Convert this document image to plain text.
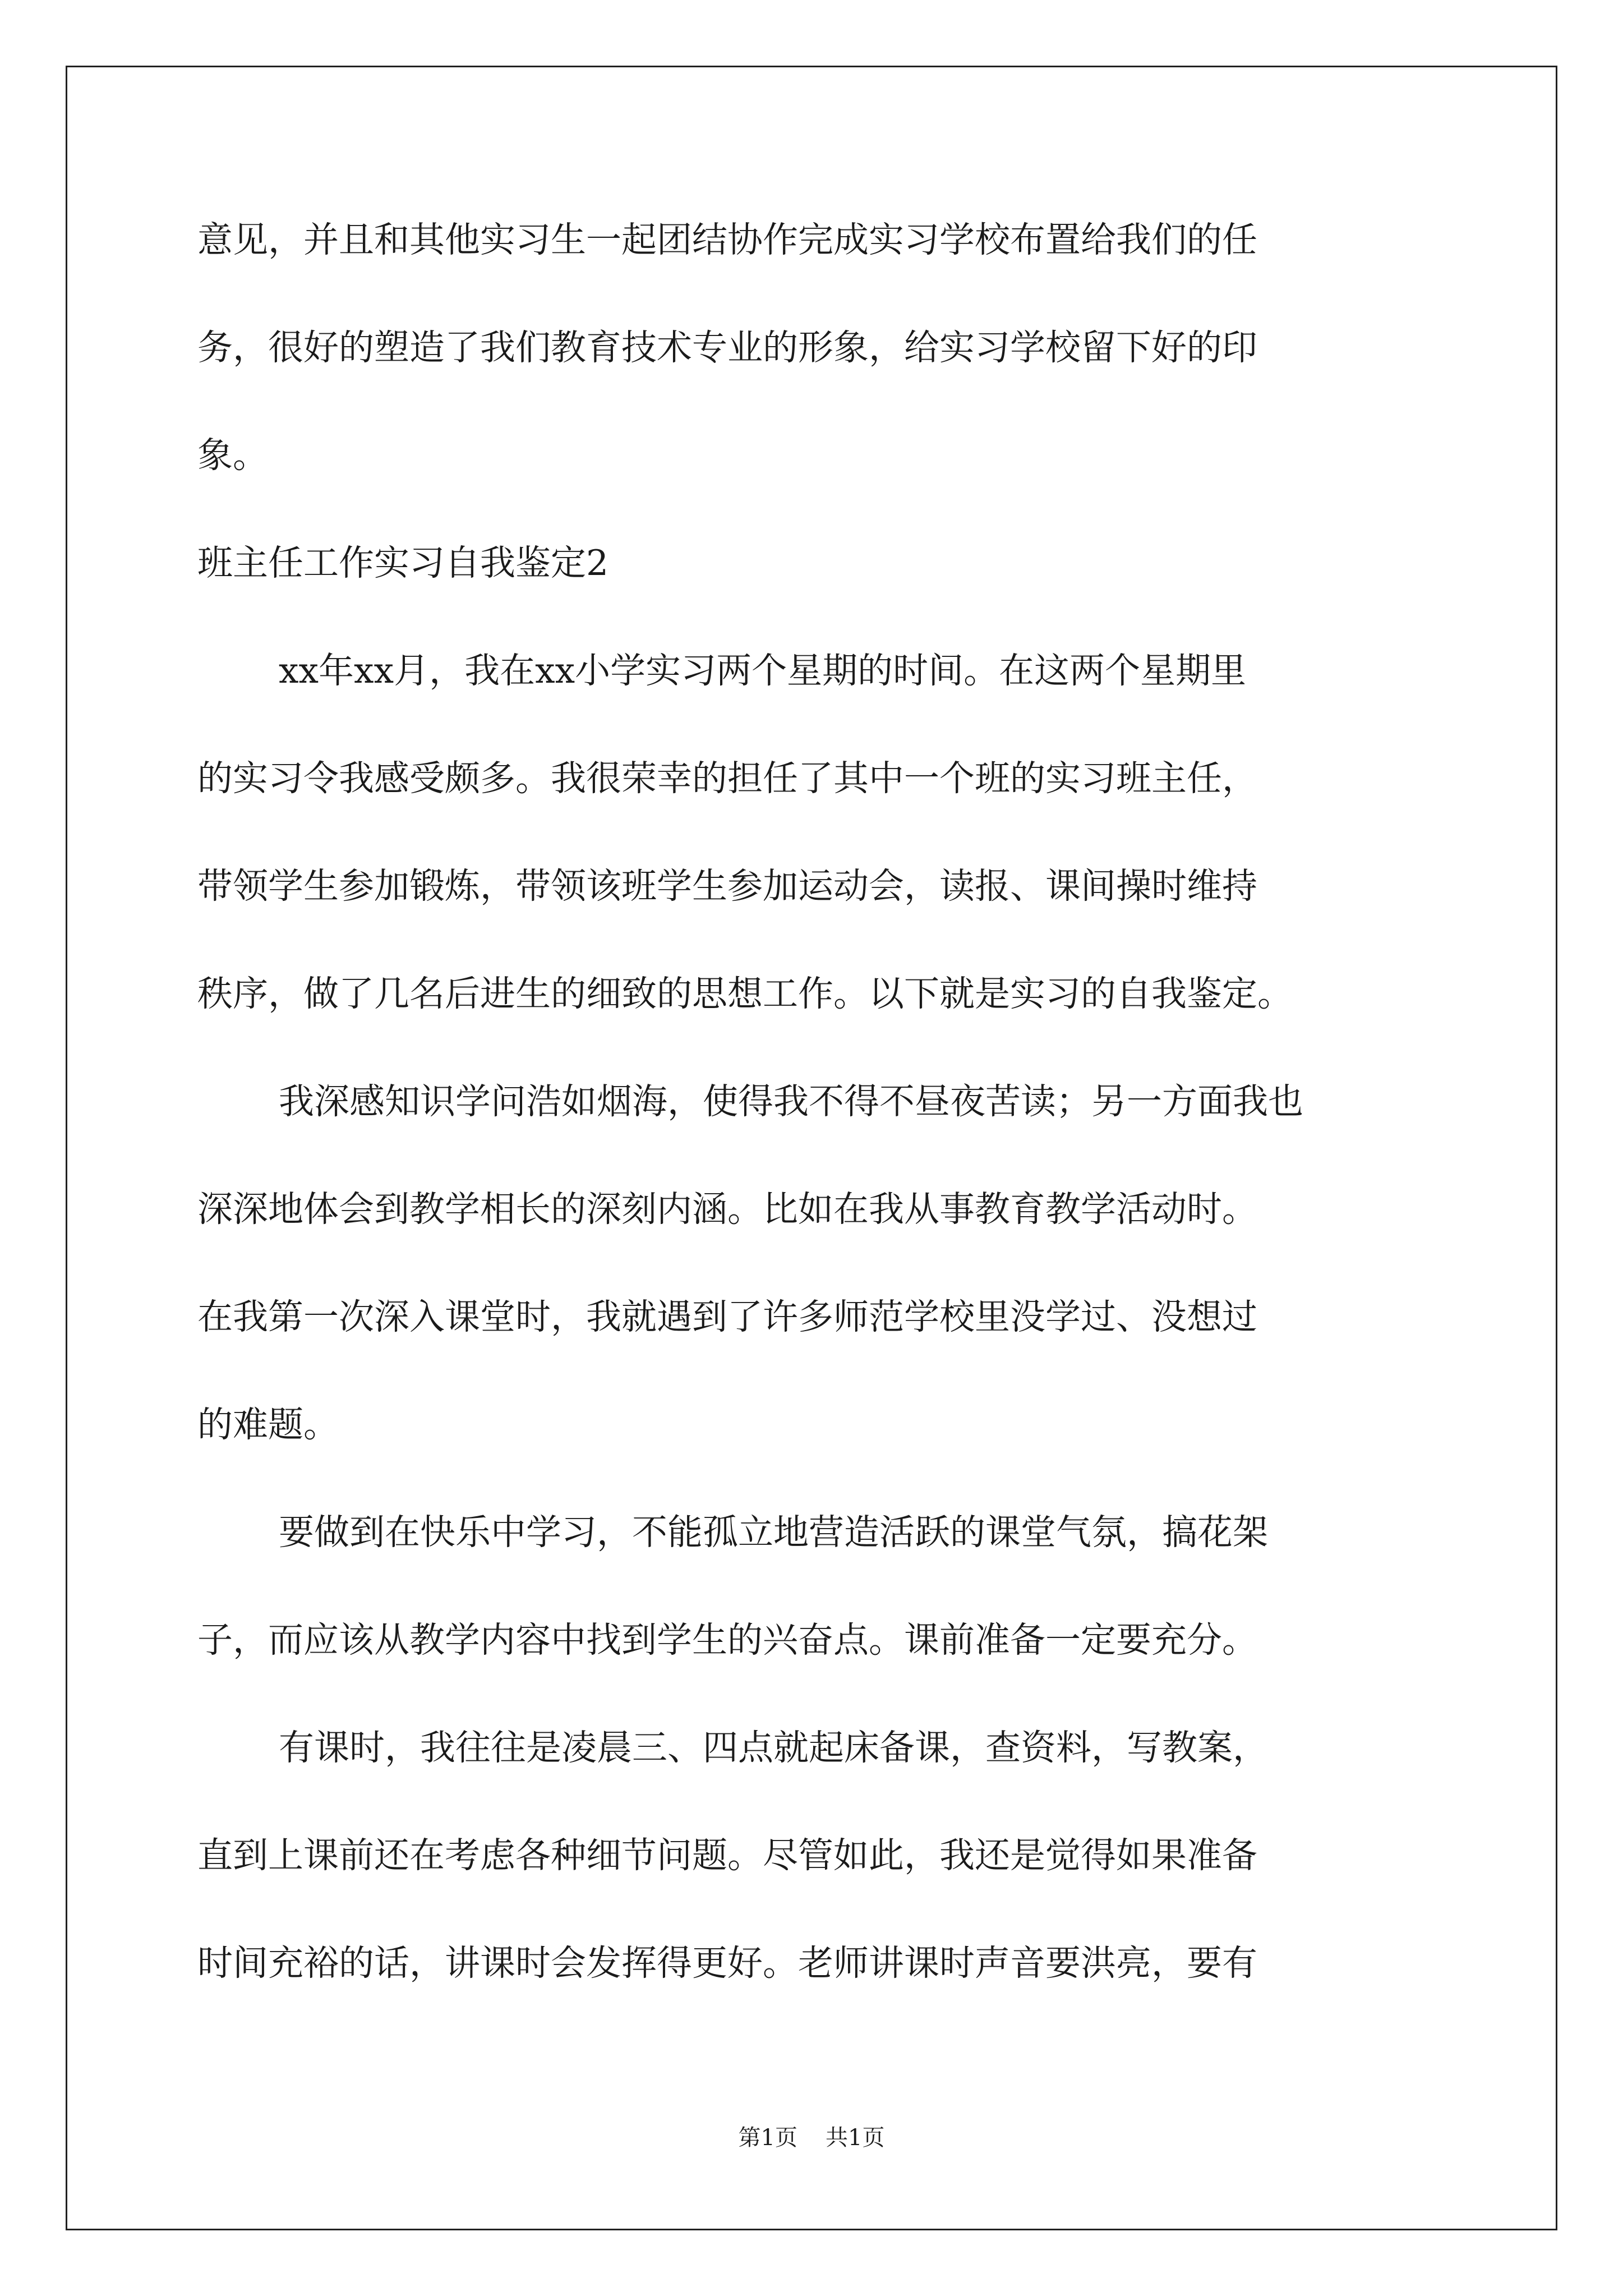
意见，并且和其他实习生一起团结协作完成实习学校布置给我们的任

务，很好的塑造了我们教育技术专业的形象，给实习学校留下好的印

象。

班主任工作实习自我鉴定2

xx年xx月，我在xx小学实习两个星期的时间。在这两个星期里

的实习令我感受颇多。我很荣幸的担任了其中一个班的实习班主任，

带领学生参加锻炼，带领该班学生参加运动会，读报、课间操时维持

秩序，做了几名后进生的细致的思想工作。以下就是实习的自我鉴定。

我深感知识学问浩如烟海，使得我不得不昼夜苦读；另一方面我也

深深地体会到教学相长的深刻内涵。比如在我从事教育教学活动时。

在我第一次深入课堂时，我就遇到了许多师范学校里没学过、没想过

的难题。

要做到在快乐中学习，不能孤立地营造活跃的课堂气氛，搞花架

子，而应该从教学内容中找到学生的兴奋点。课前准备一定要充分。

有课时，我往往是凌晨三、四点就起床备课，查资料，写教案，

直到上课前还在考虑各种细节问题。尽管如此，我还是觉得如果准备

时间充裕的话，讲课时会发挥得更好。老师讲课时声音要洪亮，要有

第1页 共1页
